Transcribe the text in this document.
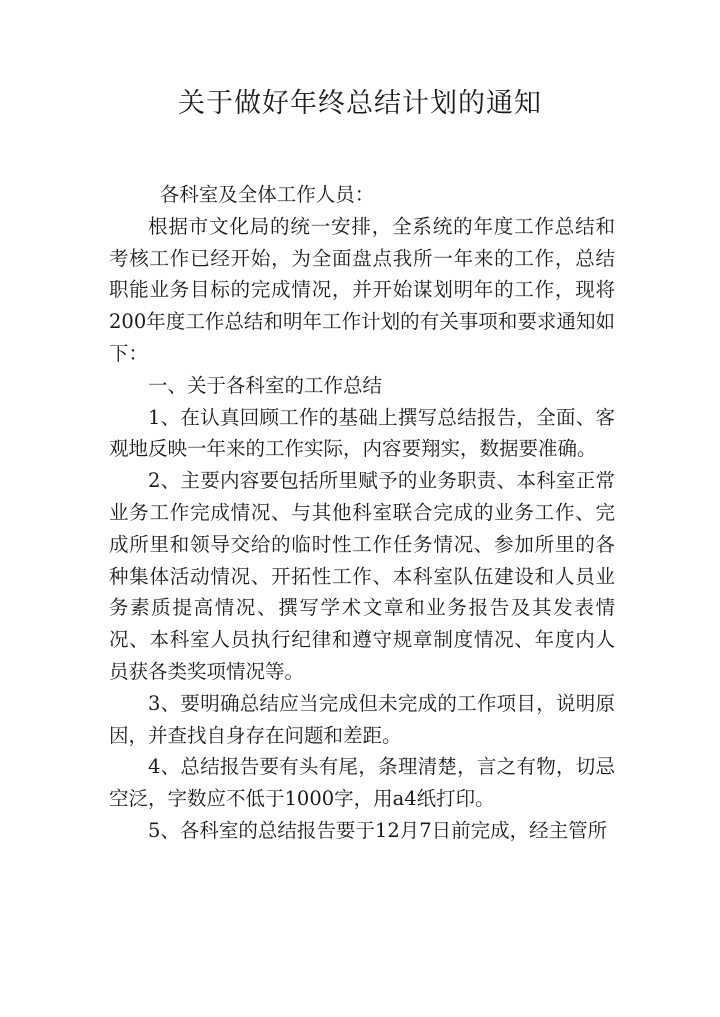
关于做好年终总结计划的通知

各科室及全体工作人员：

根据市文化局的统一安排，全系统的年度工作总结和考核工作已经开始，为全面盘点我所一年来的工作，总结职能业务目标的完成情况，并开始谋划明年的工作，现将200年度工作总结和明年工作计划的有关事项和要求通知如下：

一、关于各科室的工作总结

1、在认真回顾工作的基础上撰写总结报告，全面、客观地反映一年来的工作实际，内容要翔实，数据要准确。

2、主要内容要包括所里赋予的业务职责、本科室正常业务工作完成情况、与其他科室联合完成的业务工作、完成所里和领导交给的临时性工作任务情况、参加所里的各种集体活动情况、开拓性工作、本科室队伍建设和人员业务素质提高情况、撰写学术文章和业务报告及其发表情况、本科室人员执行纪律和遵守规章制度情况、年度内人员获各类奖项情况等。

3、要明确总结应当完成但未完成的工作项目，说明原因，并查找自身存在问题和差距。

4、总结报告要有头有尾，条理清楚，言之有物，切忌空泛，字数应不低于1000字，用a4纸打印。

5、各科室的总结报告要于12月7日前完成，经主管所
